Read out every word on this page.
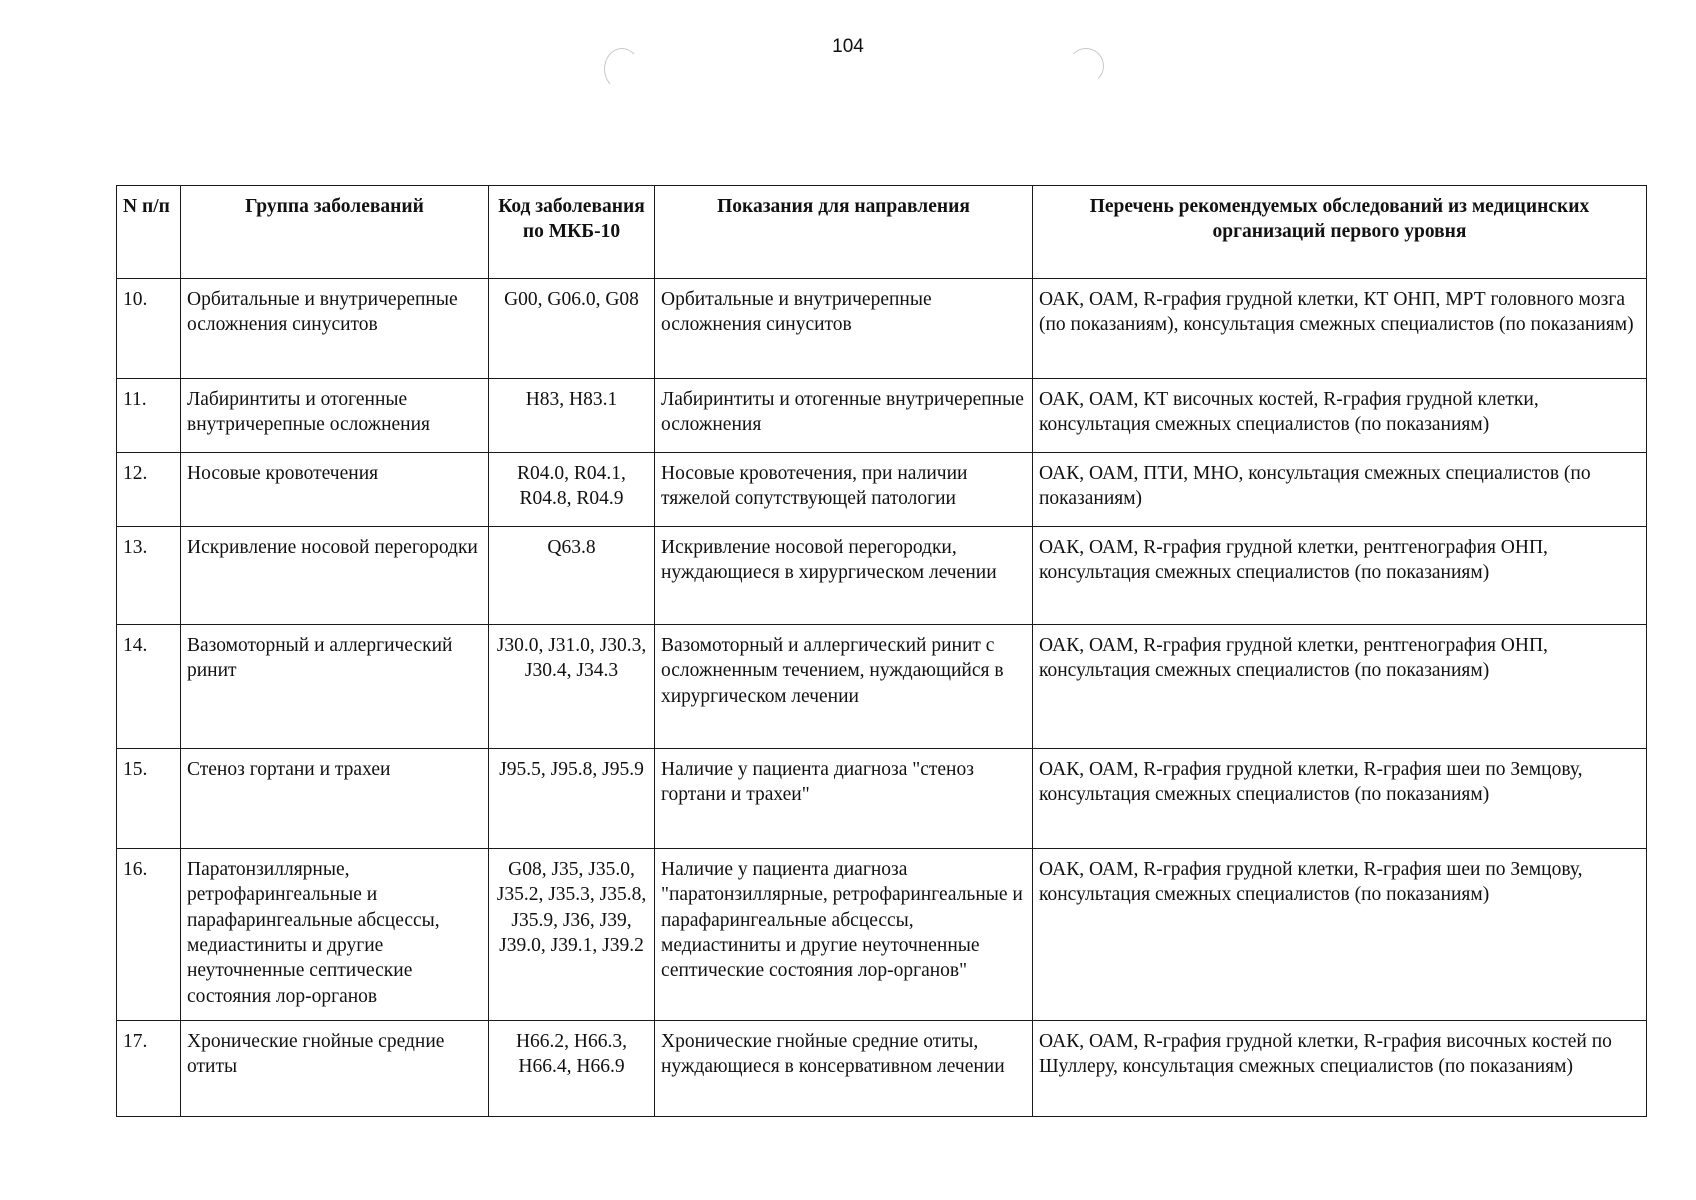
104
N п/п	Группа заболеваний	Код заболевания по МКБ-10	Показания для направления	Перечень рекомендуемых обследований из медицинских организаций первого уровня
10.	Орбитальные и внутричерепные осложнения синуситов	G00, G06.0, G08	Орбитальные и внутричерепные осложнения синуситов	ОАК, ОАМ, R-графия грудной клетки, КТ ОНП, МРТ головного мозга (по показаниям), консультация смежных специалистов (по показаниям)
11.	Лабиринтиты и отогенные внутричерепные осложнения	H83, H83.1	Лабиринтиты и отогенные внутричерепные осложнения	ОАК, ОАМ, КТ височных костей, R-графия грудной клетки, консультация смежных специалистов (по показаниям)
12.	Носовые кровотечения	R04.0, R04.1, R04.8, R04.9	Носовые кровотечения, при наличии тяжелой сопутствующей патологии	ОАК, ОАМ, ПТИ, МНО, консультация смежных специалистов (по показаниям)
13.	Искривление носовой перегородки	Q63.8	Искривление носовой перегородки, нуждающиеся в хирургическом лечении	ОАК, ОАМ, R-графия грудной клетки, рентгенография ОНП, консультация смежных специалистов (по показаниям)
14.	Вазомоторный и аллергический ринит	J30.0, J31.0, J30.3, J30.4, J34.3	Вазомоторный и аллергический ринит с осложненным течением, нуждающийся в хирургическом лечении	ОАК, ОАМ, R-графия грудной клетки, рентгенография ОНП, консультация смежных специалистов (по показаниям)
15.	Стеноз гортани и трахеи	J95.5, J95.8, J95.9	Наличие у пациента диагноза "стеноз гортани и трахеи"	ОАК, ОАМ, R-графия грудной клетки, R-графия шеи по Земцову, консультация смежных специалистов (по показаниям)
16.	Паратонзиллярные, ретрофарингеальные и парафарингеальные абсцессы, медиастиниты и другие неуточненные септические состояния лор-органов	G08, J35, J35.0, J35.2, J35.3, J35.8, J35.9, J36, J39, J39.0, J39.1, J39.2	Наличие у пациента диагноза "паратонзиллярные, ретрофарингеальные и парафарингеальные абсцессы, медиастиниты и другие неуточненные септические состояния лор-органов"	ОАК, ОАМ, R-графия грудной клетки, R-графия шеи по Земцову, консультация смежных специалистов (по показаниям)
17.	Хронические гнойные средние отиты	H66.2, H66.3, H66.4, H66.9	Хронические гнойные средние отиты, нуждающиеся в консервативном лечении	ОАК, ОАМ, R-графия грудной клетки, R-графия височных костей по Шуллеру, консультация смежных специалистов (по показаниям)
